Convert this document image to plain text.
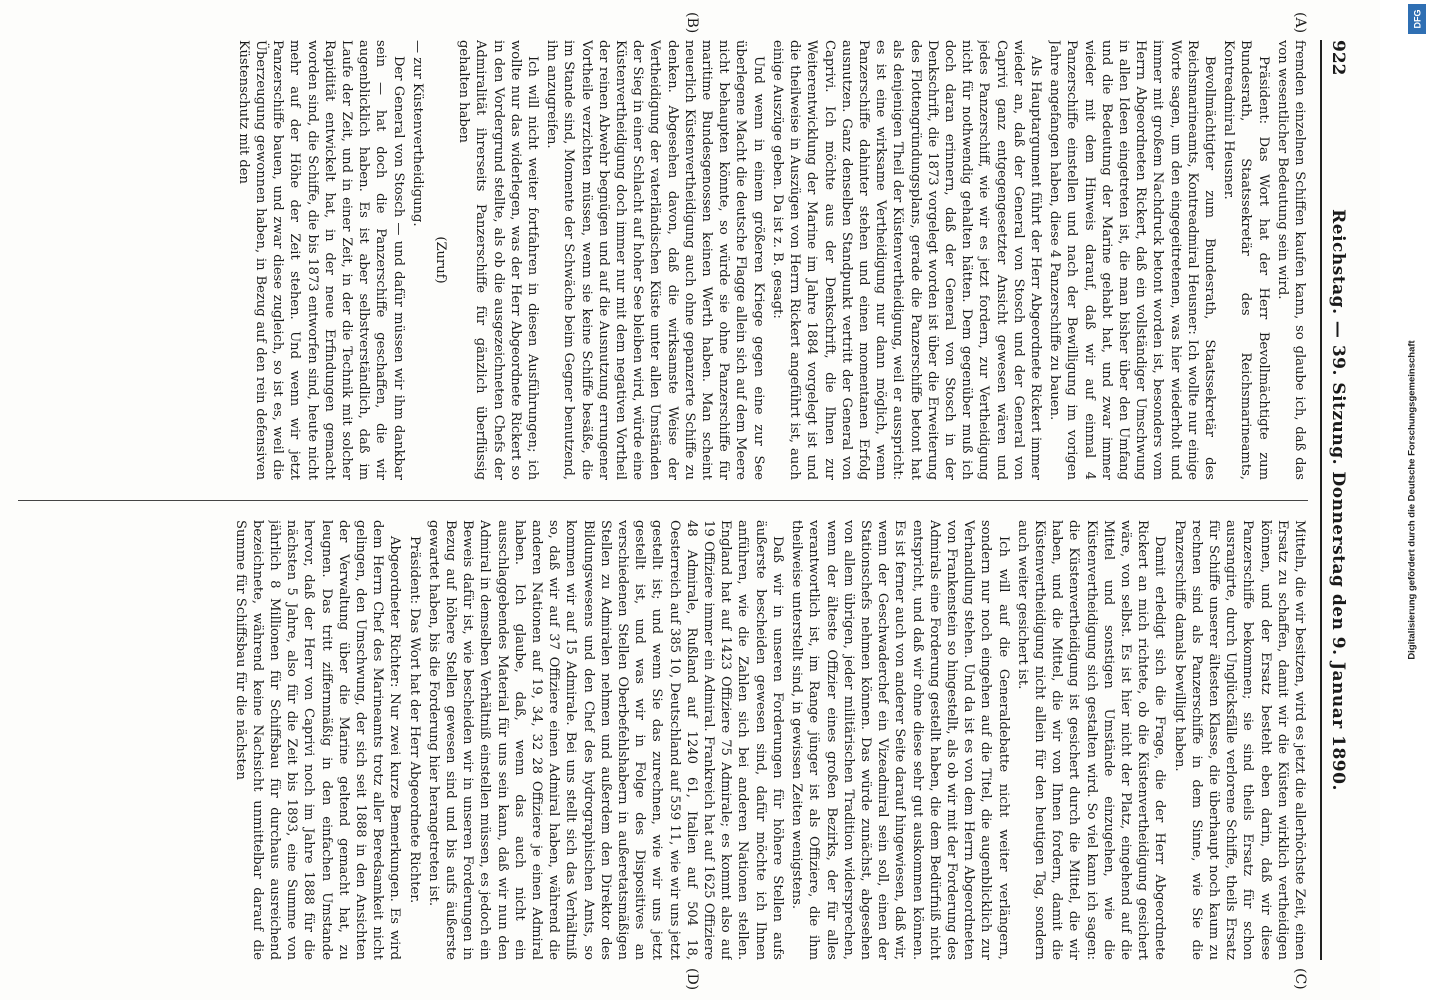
922
Reichstag. — 39. Sitzung. Donnerstag den 9. Januar 1890.
(A)
(B)
(C)
(D)

fremden einzelnen Schiffen kaufen kann, so glaube ich, daß das von wesentlicher Bedeutung sein wird.

Präsident: Das Wort hat der Herr Bevollmächtigte zum Bundesrath, Staatssekretär des Reichsmarineamts, Kontreadmiral Heusner.

Bevollmächtigter zum Bundesrath, Staatssekretär des Reichsmarineamts, Kontreadmiral Heusner: Ich wollte nur einige Worte sagen, um den eingegeitretenen, was hier wiederholt und immer mit großem Nachdruck betont worden ist, besonders vom Herrn Abgeordneten Rickert, daß ein vollständiger Umschwung in allen Ideen eingetreten ist, die man bisher über den Umfang und die Bedeutung der Marine gehabt hat, und zwar immer wieder mit dem Hinweis darauf, daß wir auf einmal 4 Panzerschiffe einstellen und nach der Bewilligung im vorigen Jahre angefangen haben, diese 4 Panzerschiffe zu bauen.

Als Hauptargument führt der Herr Abgeordnete Rickert immer wieder an, daß der General von Stosch und der General von Caprivi ganz entgegengesetzter Ansicht gewesen wären und jedes Panzerschiff, wie wir es jetzt fordern, zur Vertheidigung nicht für nothwendig gehalten hätten. Dem gegenüber muß ich doch daran erinnern, daß der General von Stosch in der Denkschrift, die 1873 vorgelegt worden ist über die Erweiterung des Flottengründungsplans, gerade die Panzerschiffe betont hat als denjenigen Theil der Küstenvertheidigung, weil er ausspricht: es ist eine wirksame Vertheidigung nur dann möglich, wenn Panzerschiffe dahinter stehen und einen momentanen Erfolg ausnutzen. Ganz denselben Standpunkt vertritt der General von Caprivi. Ich möchte aus der Denkschrift, die Ihnen zur Weiterentwicklung der Marine im Jahre 1884 vorgelegt ist und die theilweise in Auszügen von Herrn Rickert angeführt ist, auch einige Auszüge geben. Da ist z. B. gesagt:

Und wenn in einem größeren Kriege gegen eine zur See überlegene Macht die deutsche Flagge allein sich auf dem Meere nicht behaupten könnte, so würde sie ohne Panzerschiffe für maritime Bundesgenossen keinen Werth haben. Man scheint neuerlich Küstenvertheidigung auch ohne gepanzerte Schiffe zu denken. Abgesehen davon, daß die wirksamste Weise der Vertheidigung der vaterländischen Küste unter allen Umständen der Sieg in einer Schlacht auf hoher See bleiben wird, würde eine Küstenvertheidigung doch immer nur mit dem negativen Vortheil der reinen Abwehr begnügen und auf die Ausnutzung errungener Vortheile verzichten müssen, wenn sie keine Schiffe besäße, die im Stande sind, Momente der Schwäche beim Gegner benutzend, ihn anzugreifen.

Ich will nicht weiter fortfahren in diesen Ausführungen; ich wollte nur das widerlegen, was der Herr Abgeordnete Rickert so in den Vordergrund stellte, als ob die ausgezeichneten Chefs der Admiralität ihrerseits Panzerschiffe für gänzlich überflüssig gehalten haben

(Zuruf)

— zur Küstenvertheidigung.

Der General von Stosch — und dafür müssen wir ihm dankbar sein — hat doch die Panzerschiffe geschaffen, die wir augenblicklich haben. Es ist aber selbstverständlich, daß im Laufe der Zeit, und in einer Zeit, in der die Technik mit solcher Rapidität entwickelt hat, in der neue Erfindungen gemacht worden sind, die Schiffe, die bis 1873 entworfen sind, heute nicht mehr auf der Höhe der Zeit stehen. Und wenn wir jetzt Panzerschiffe bauen, und zwar diese zugleich, so ist es, weil die Überzeugung gewonnen haben, in Bezug auf den rein defensiven Küstenschutz mit den

Mitteln, die wir besitzen, wird es jetzt die allerhöchste Zeit, einen Ersatz zu schaffen, damit wir die Küsten wirklich vertheidigen können, und der Ersatz besteht eben darin, daß wir diese Panzerschiffe bekommen; sie sind theils Ersatz für schon ausrangirte, durch Unglücksfälle verlorene Schiffe, theils Ersatz für Schiffe unserer ältesten Klasse, die überhaupt noch kaum zu rechnen sind als Panzerschiffe in dem Sinne, wie Sie die Panzerschiffe damals bewilligt haben.

Damit erledigt sich die Frage, die der Herr Abgeordnete Rickert an mich richtete, ob die Küstenvertheidigung gesichert wäre, von selbst. Es ist hier nicht der Platz, eingehend auf die Mittel und sonstigen Umstände einzugehen, wie die Küstenvertheidigung sich gestalten wird. So viel kann ich sagen: die Küstenvertheidigung ist gesichert durch die Mittel, die wir haben, und die Mittel, die wir von Ihnen fordern, damit die Küstenvertheidigung nicht allein für den heutigen Tag, sondern auch weiter gesichert ist.

Ich will auf die Generaldebatte nicht weiter verlängern, sondern nur noch eingehen auf die Titel, die augenblicklich zur Verhandlung stehen. Und da ist es von dem Herrn Abgeordneten von Frankenstein so hingestellt, als ob wir mit der Forderung des Admirals eine Forderung gestellt haben, die dem Bedürfniß nicht entspricht, und daß wir ohne diese sehr gut auskommen können. Es ist ferner auch von anderer Seite darauf hingewiesen, daß wir, wenn der Geschwaderchef ein Vizeadmiral sein soll, einen der Stationschefs nehmen können. Das würde zunächst, abgesehen von allem übrigen, jeder militärischen Tradition widersprechen, wenn der älteste Offizier eines großen Bezirks, der für alles verantwortlich ist, im Range jünger ist als Offiziere, die ihm theilweise unterstellt sind, in gewissen Zeiten wenigstens.

Daß wir in unseren Forderungen für höhere Stellen aufs äußerste bescheiden gewesen sind, dafür möchte ich Ihnen anführen, wie die Zahlen sich bei anderen Nationen stellen. England hat auf 1423 Offiziere 75 Admirale; es kommt also auf 19 Offiziere immer ein Admiral. Frankreich hat auf 1625 Offiziere 48 Admirale, Rußland auf 1240 61, Italien auf 504 18, Oesterreich auf 385 10, Deutschland auf 559 11, wie wir uns jetzt gestellt ist; und wenn Sie das zurechnen, wie wir uns jetzt gestellt ist, und was wir in Folge des Dispositives an verschiedenen Stellen Oberbefehlshabern in außeretatsmäßigen Stellen zu Admiralen nehmen und außerdem den Direktor des Bildungswesens und den Chef des hydrographischen Amts, so kommen wir auf 15 Admirale. Bei uns stellt sich das Verhältniß so, daß wir auf 37 Offiziere einen Admiral haben, während die anderen Nationen auf 19, 34, 32 28 Offiziere je einen Admiral haben. Ich glaube, daß, wenn das auch nicht ein ausschlaggebendes Material für uns sein kann, daß wir nun den Admiral in demselben Verhältniß einstellen müssen, es jedoch ein Beweis dafür ist, wie bescheiden wir in unseren Forderungen in Bezug auf höhere Stellen gewesen sind und bis aufs äußerste gewartet haben, bis die Forderung hier herangetreten ist.

Präsident: Das Wort hat der Herr Abgeordnete Richter.

Abgeordneter Richter: Nur zwei kurze Bemerkungen. Es wird dem Herrn Chef des Marineamts trotz aller Beredsamkeit nicht gelingen, den Umschwung, der sich seit 1888 in den Ansichten der Verwaltung über die Marine geltend gemacht hat, zu leugnen. Das tritt ziffernmäßig in den einfachen Umstande hervor, daß der Herr von Caprivi noch im Jahre 1888 für die nächsten 5 Jahre, also für die Zeit bis 1893, eine Summe von jährlich 8 Millionen für Schiffsbau für durchaus ausreichend bezeichnete, während keine Nachsicht unmittelbar darauf die Summe für Schiffsbau für die nächsten

DFG
Digitalisierung gefördert durch die Deutsche Forschungsgemeinschaft
